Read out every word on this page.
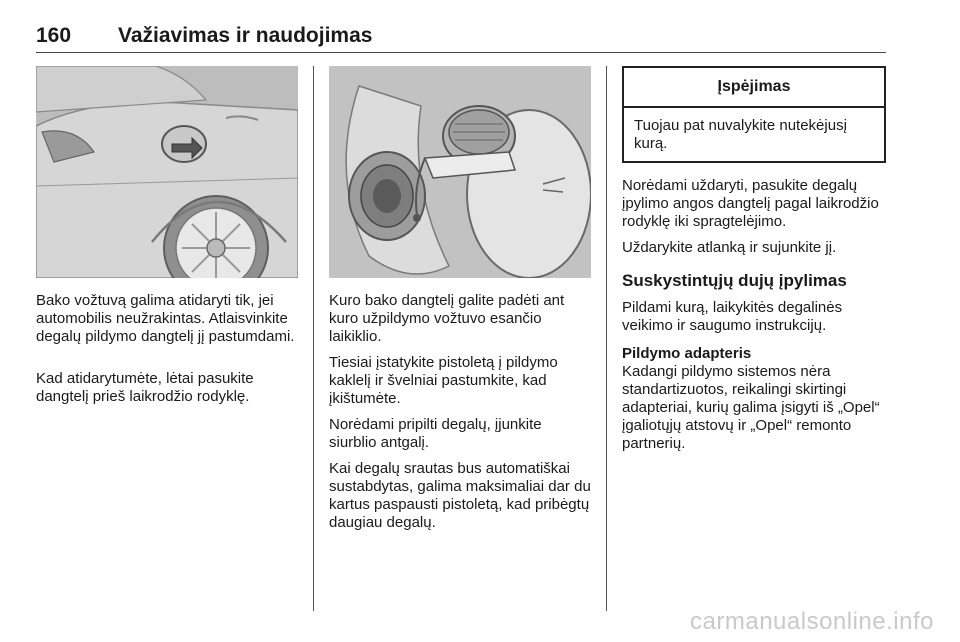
160 Važiavimas ir naudojimas

Bako vožtuvą galima atidaryti tik, jei automobilis neužrakintas. Atlaisvinkite degalų pildymo dangtelį jį pastumdami.

Kad atidarytumėte, lėtai pasukite dangtelį prieš laikrodžio rodyklę.

Kuro bako dangtelį galite padėti ant kuro užpildymo vožtuvo esančio laikiklio.

Tiesiai įstatykite pistoletą į pildymo kaklelį ir švelniai pastumkite, kad įkištumėte.

Norėdami pripilti degalų, įjunkite siurblio antgalį.

Kai degalų srautas bus automatiškai sustabdytas, galima maksimaliai dar du kartus paspausti pistoletą, kad pribėgtų daugiau degalų.

Įspėjimas
Tuojau pat nuvalykite nutekėjusį kurą.

Norėdami uždaryti, pasukite degalų įpylimo angos dangtelį pagal laikrodžio rodyklę iki spragtelėjimo.

Uždarykite atlanką ir sujunkite jį.

Suskystintųjų dujų įpylimas

Pildami kurą, laikykitės degalinės veikimo ir saugumo instrukcijų.

Pildymo adapteris

Kadangi pildymo sistemos nėra standartizuotos, reikalingi skirtingi adapteriai, kurių galima įsigyti iš „Opel“ įgaliotųjų atstovų ir „Opel“ remonto partnerių.

carmanualsonline.info
